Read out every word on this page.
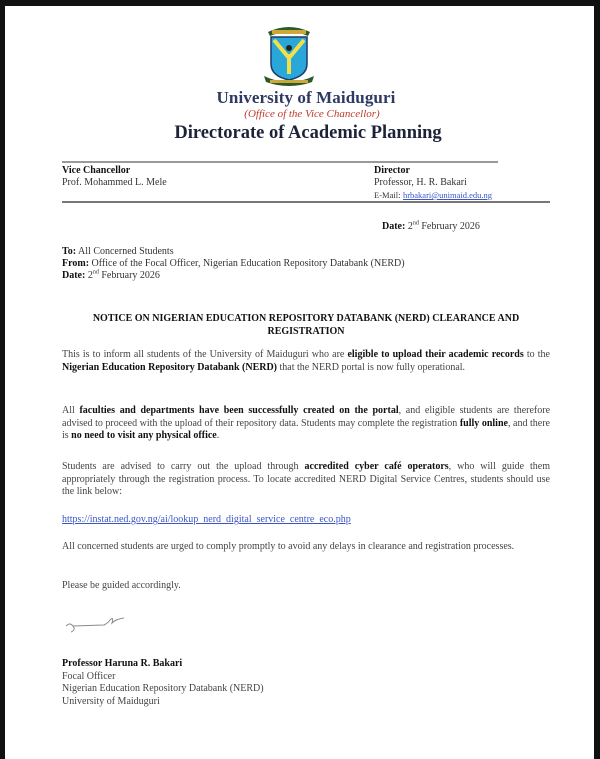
University of Maiduguri
(Office of the Vice Chancellor)
Directorate of Academic Planning
Vice Chancellor
Prof. Mohammed L. Mele
Director
Professor, H. R. Bakari
E-Mail: hrbakari@unimaid.edu.ng
Date: 2nd February 2026
To: All Concerned Students
From: Office of the Focal Officer, Nigerian Education Repository Databank (NERD)
Date: 2nd February 2026
NOTICE ON NIGERIAN EDUCATION REPOSITORY DATABANK (NERD) CLEARANCE AND REGISTRATION
This is to inform all students of the University of Maiduguri who are eligible to upload their academic records to the Nigerian Education Repository Databank (NERD) that the NERD portal is now fully operational.
All faculties and departments have been successfully created on the portal, and eligible students are therefore advised to proceed with the upload of their repository data. Students may complete the registration fully online, and there is no need to visit any physical office.
Students are advised to carry out the upload through accredited cyber café operators, who will guide them appropriately through the registration process. To locate accredited NERD Digital Service Centres, students should use the link below:
https://instat.ned.gov.ng/ai/lookup_nerd_digital_service_centre_eco.php
All concerned students are urged to comply promptly to avoid any delays in clearance and registration processes.
Please be guided accordingly.
Professor Haruna R. Bakari
Focal Officer
Nigerian Education Repository Databank (NERD)
University of Maiduguri
